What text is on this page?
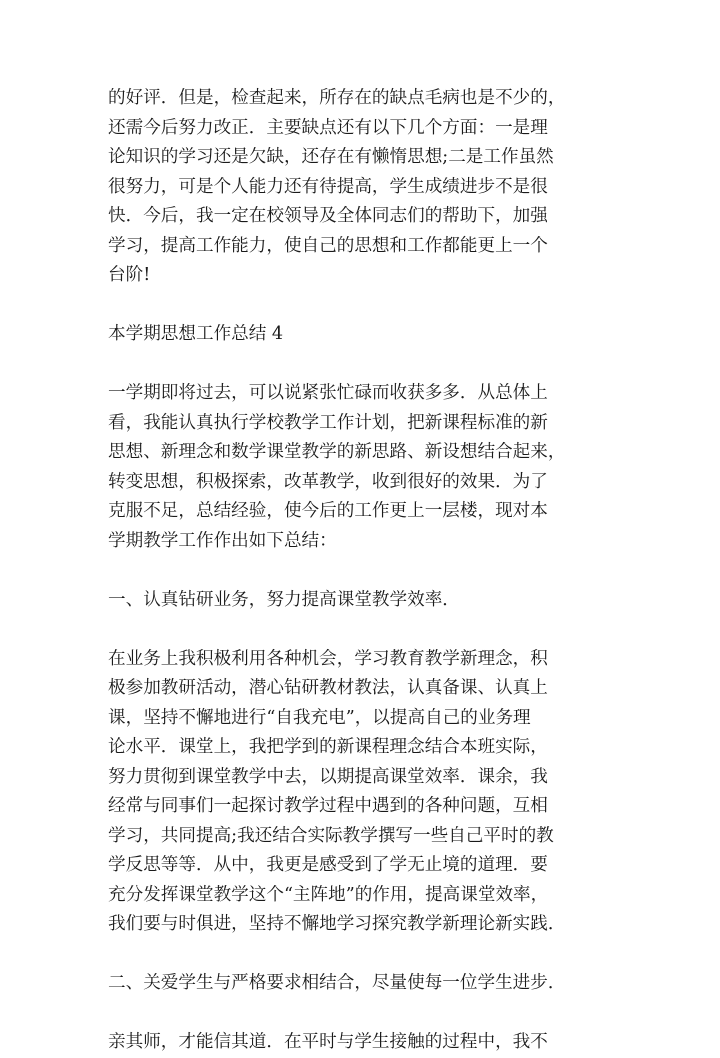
的好评．但是，检查起来，所存在的缺点毛病也是不少的，
还需今后努力改正．主要缺点还有以下几个方面：一是理
论知识的学习还是欠缺，还存在有懒惰思想;二是工作虽然
很努力，可是个人能力还有待提高，学生成绩进步不是很
快．今后，我一定在校领导及全体同志们的帮助下，加强
学习，提高工作能力，使自己的思想和工作都能更上一个
台阶!
本学期思想工作总结 4
一学期即将过去，可以说紧张忙碌而收获多多．从总体上
看，我能认真执行学校教学工作计划，把新课程标准的新
思想、新理念和数学课堂教学的新思路、新设想结合起来，
转变思想，积极探索，改革教学，收到很好的效果．为了
克服不足，总结经验，使今后的工作更上一层楼，现对本
学期教学工作作出如下总结：
一、认真钻研业务，努力提高课堂教学效率．
在业务上我积极利用各种机会，学习教育教学新理念，积
极参加教研活动，潜心钻研教材教法，认真备课、认真上
课，坚持不懈地进行“自我充电”，以提高自己的业务理
论水平．课堂上，我把学到的新课程理念结合本班实际，
努力贯彻到课堂教学中去，以期提高课堂效率．课余，我
经常与同事们一起探讨教学过程中遇到的各种问题，互相
学习，共同提高;我还结合实际教学撰写一些自己平时的教
学反思等等．从中，我更是感受到了学无止境的道理．要
充分发挥课堂教学这个“主阵地”的作用，提高课堂效率，
我们要与时俱进，坚持不懈地学习探究教学新理论新实践．
二、关爱学生与严格要求相结合，尽量使每一位学生进步．
亲其师，才能信其道．在平时与学生接触的过程中，我不
